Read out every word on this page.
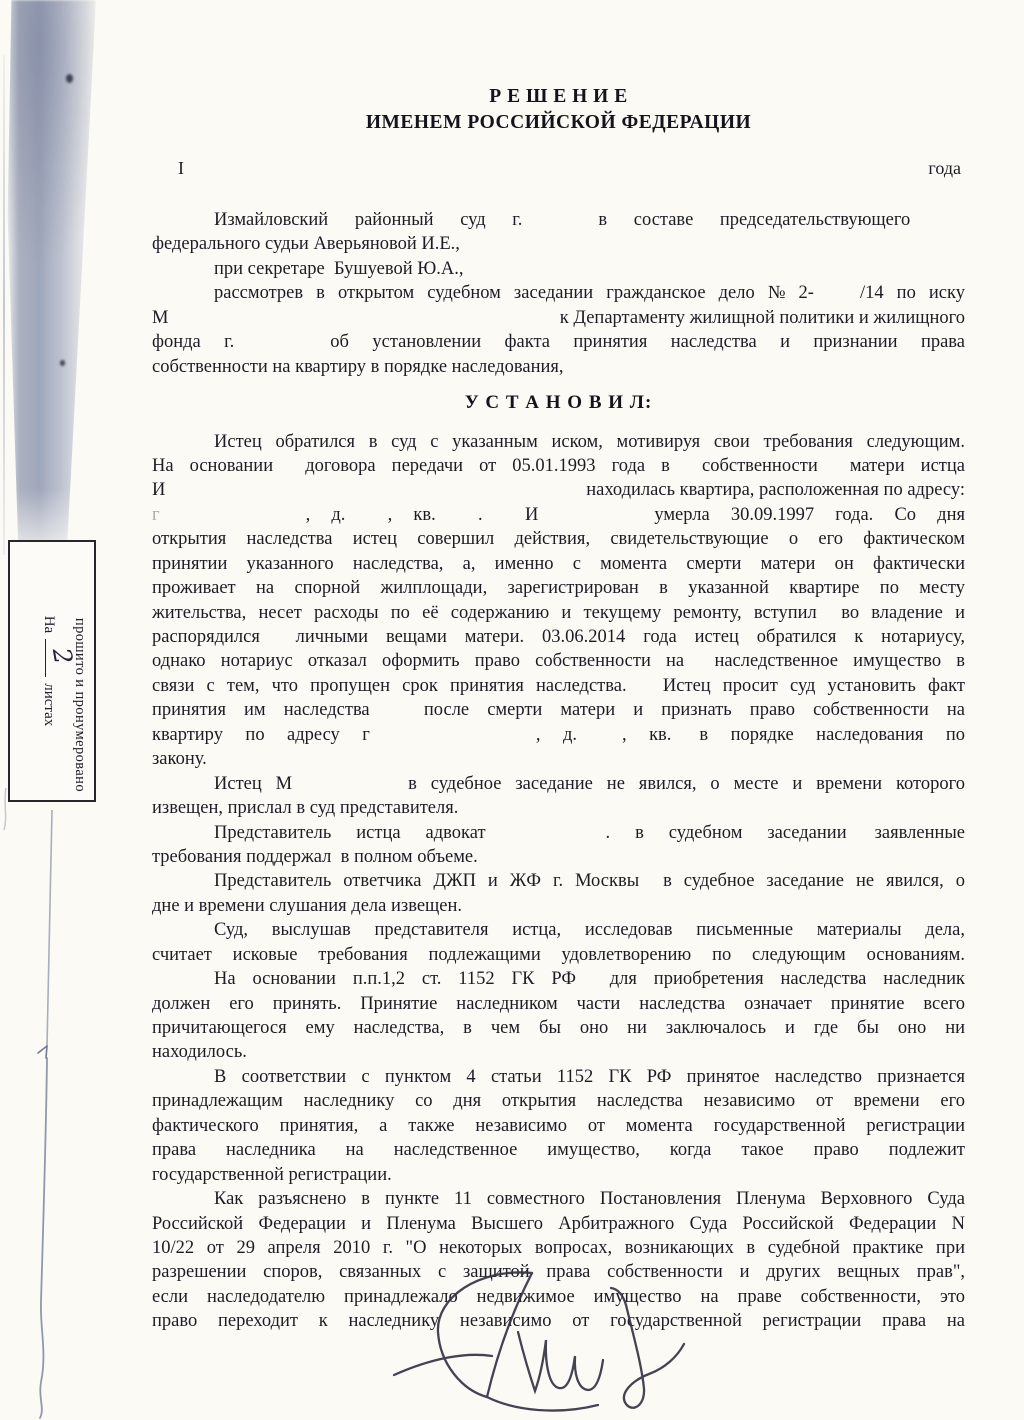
прошито и пронумеровано
На
2
листах
Р Е Ш Е Н И Е
ИМЕНЕМ РОССИЙСКОЙ ФЕДЕРАЦИИ
I	года
Измайловский районный суд г.	в составе председательствующего
федерального судьи Аверьяновой И.Е.,
при секретаре  Бушуевой Ю.А.,
рассмотрев в открытом судебном заседании гражданское дело № 2- /14 по иску
М	к Департаменту жилищной политики и жилищного
фонда г.	об установлении факта принятия наследства и признании права
собственности на квартиру в порядке наследования,
У С Т А Н О В И Л:
Истец обратился в суд с указанным иском, мотивируя свои требования следующим.
На основании  договора передачи от 05.01.1993 года в  собственности  матери истца
И	находилась квартира, расположенная по адресу:
г	, д.  , кв.  .  И	умерла 30.09.1997 года. Со дня
открытия наследства истец совершил действия, свидетельствующие о его фактическом
принятии указанного наследства, а, именно с момента смерти матери он фактически
проживает на спорной жилплощади, зарегистрирован в указанной квартире по месту
жительства, несет расходы по её содержанию и текущему ремонту, вступил  во владение и
распорядился  личными вещами матери. 03.06.2014 года истец обратился к нотариусу,
однако нотариус отказал оформить право собственности на  наследственное имущество в
связи с тем, что пропущен срок принятия наследства.   Истец просит суд установить факт
принятия им наследства   после смерти матери и признать право собственности на
квартиру по адресу г	, д.  , кв. в порядке наследования по
закону.
Истец М	в судебное заседание не явился, о месте и времени которого
извещен, прислал в суд представителя.
Представитель истца адвокат	. в судебном заседании заявленные
требования поддержал  в полном объеме.
Представитель ответчика ДЖП и ЖФ г. Москвы  в судебное заседание не явился, о
дне и времени слушания дела извещен.
Суд,  выслушав  представителя  истца,  исследовав  письменные  материалы  дела,
считает исковые требования подлежащими удовлетворению по следующим основаниям.
На основании п.п.1,2 ст. 1152 ГК РФ  для приобретения наследства наследник
должен его принять. Принятие наследником части наследства означает принятие всего
причитающегося ему наследства, в чем бы оно ни заключалось и где бы оно ни
находилось.
В соответствии с пунктом 4 статьи 1152 ГК РФ принятое наследство признается
принадлежащим наследнику со дня открытия наследства независимо от времени его
фактического принятия, а также независимо от момента государственной регистрации
права  наследника  на  наследственное  имущество,  когда  такое  право  подлежит
государственной регистрации.
Как разъяснено в пункте 11 совместного Постановления Пленума Верховного Суда
Российской Федерации и Пленума Высшего Арбитражного Суда Российской Федерации N
10/22 от 29 апреля 2010 г. "О некоторых вопросах, возникающих в судебной практике при
разрешении споров, связанных с защитой права собственности и других вещных прав",
если наследодателю принадлежало недвижимое имущество на праве собственности, это
право переходит к наследнику независимо от государственной регистрации права на
